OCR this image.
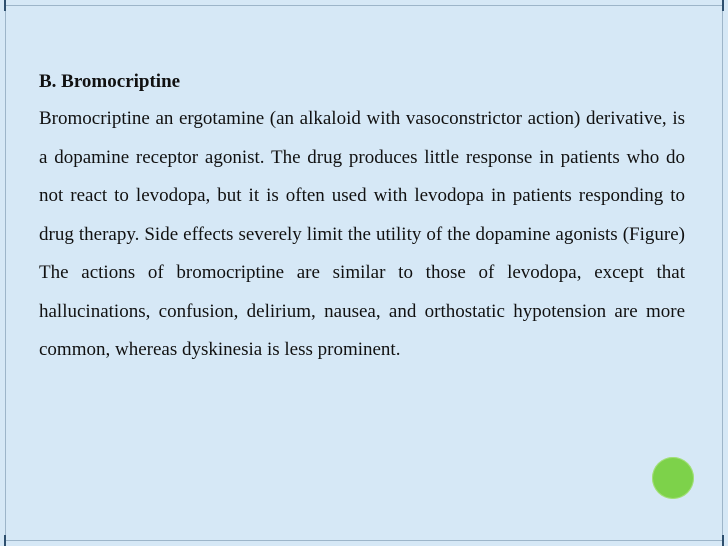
B. Bromocriptine

Bromocriptine an ergotamine (an alkaloid with vasoconstrictor action) derivative, is a dopamine receptor agonist. The drug produces little response in patients who do not react to levodopa, but it is often used with levodopa in patients responding to drug therapy. Side effects severely limit the utility of the dopamine agonists (Figure) The actions of bromocriptine are similar to those of levodopa, except that hallucinations, confusion, delirium, nausea, and orthostatic hypotension are more common, whereas dyskinesia is less prominent.
